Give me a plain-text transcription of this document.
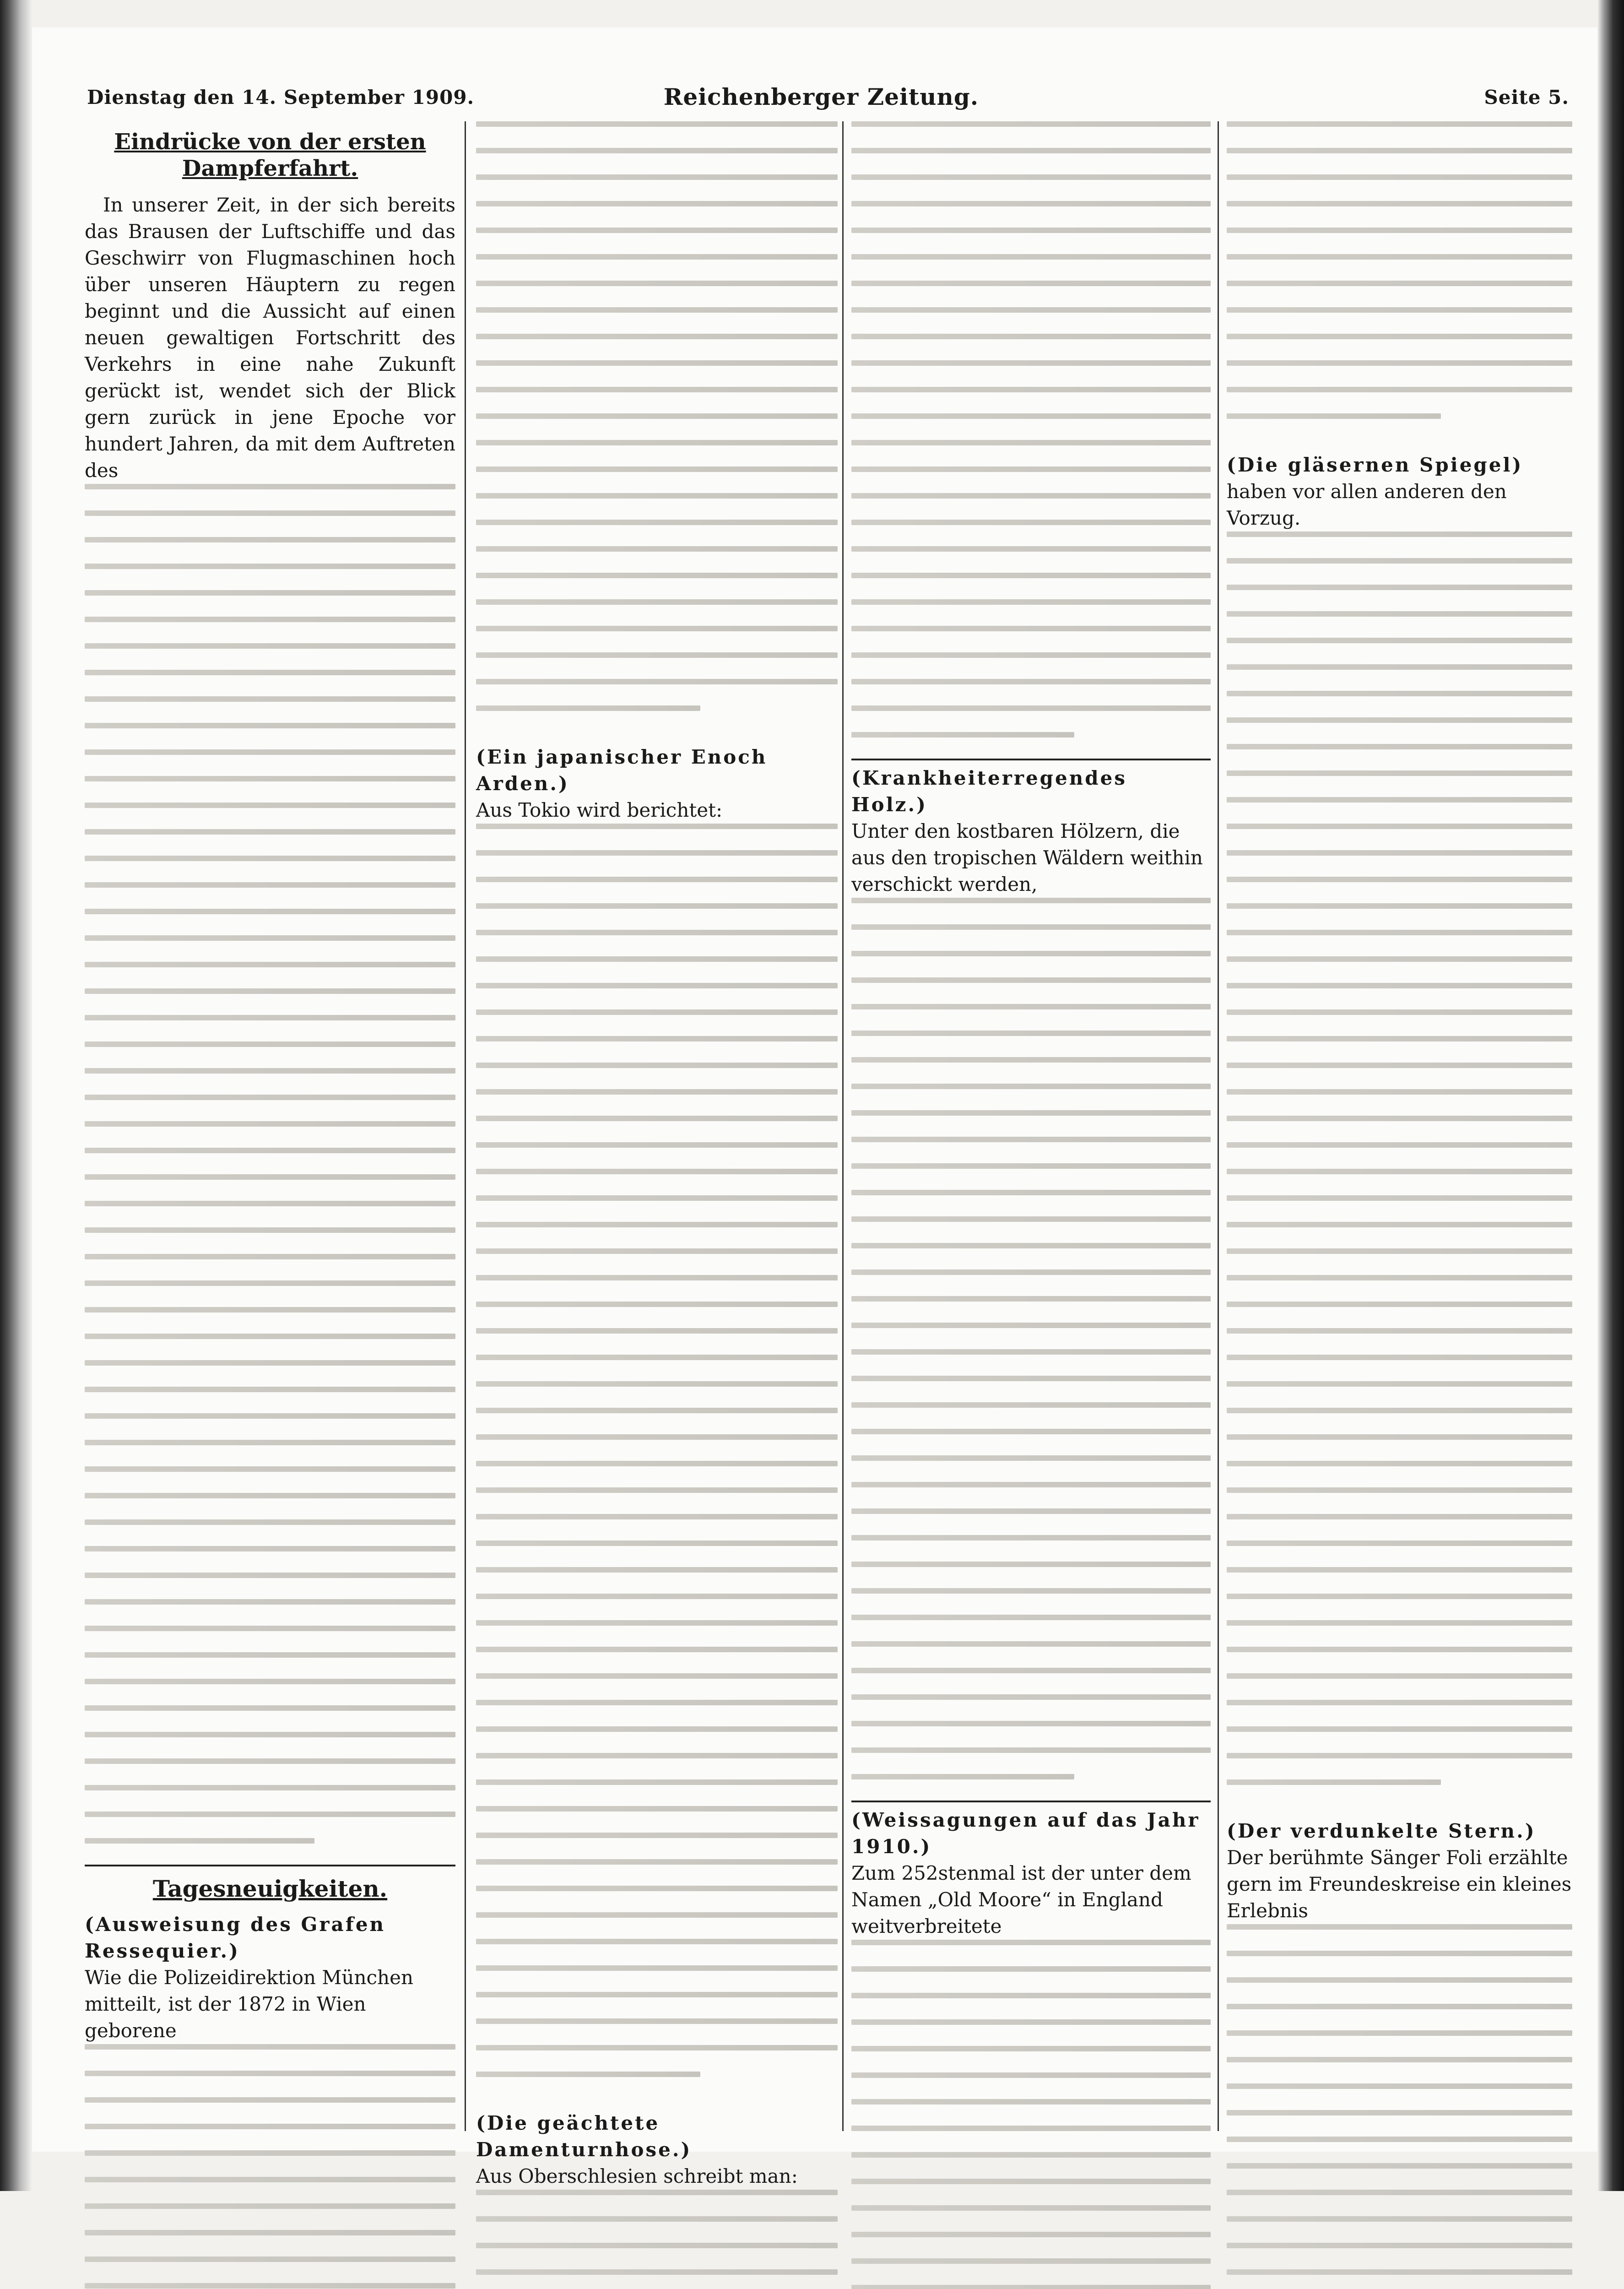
Dienstag den 14. September 1909.	Reichenberger Zeitung.	Seite 5.
Eindrücke von der ersten Dampferfahrt.
In unserer Zeit, in der sich bereits das Brausen der Luftschiffe und das Geschwirr von Flugmaschinen hoch über unseren Häuptern zu regen beginnt und die Aussicht auf einen neuen gewaltigen Fortschritt des Verkehrs in eine nahe Zukunft gerückt ist, wendet sich der Blick gern zurück in jene Epoche vor hundert Jahren, da mit dem Auftreten des
Tagesneuigkeiten.
(Ausweisung des Grafen Ressequier.)
Wie die Polizeidirektion München mitteilt, ist der 1872 in Wien geborene
(Ein japanischer Enoch Arden.)
Aus Tokio wird berichtet:
(Die geächtete Damenturnhose.)
Aus Oberschlesien schreibt man:
(Krankheiterregendes Holz.)
Unter den kostbaren Hölzern, die aus den tropischen Wäldern weithin verschickt werden,
(Weissagungen auf das Jahr 1910.)
Zum 252stenmal ist der unter dem Namen „Old Moore“ in England weitverbreitete
(Die gläsernen Spiegel)
haben vor allen anderen den Vorzug.
(Der verdunkelte Stern.)
Der berühmte Sänger Foli erzählte gern im Freundeskreise ein kleines Erlebnis
